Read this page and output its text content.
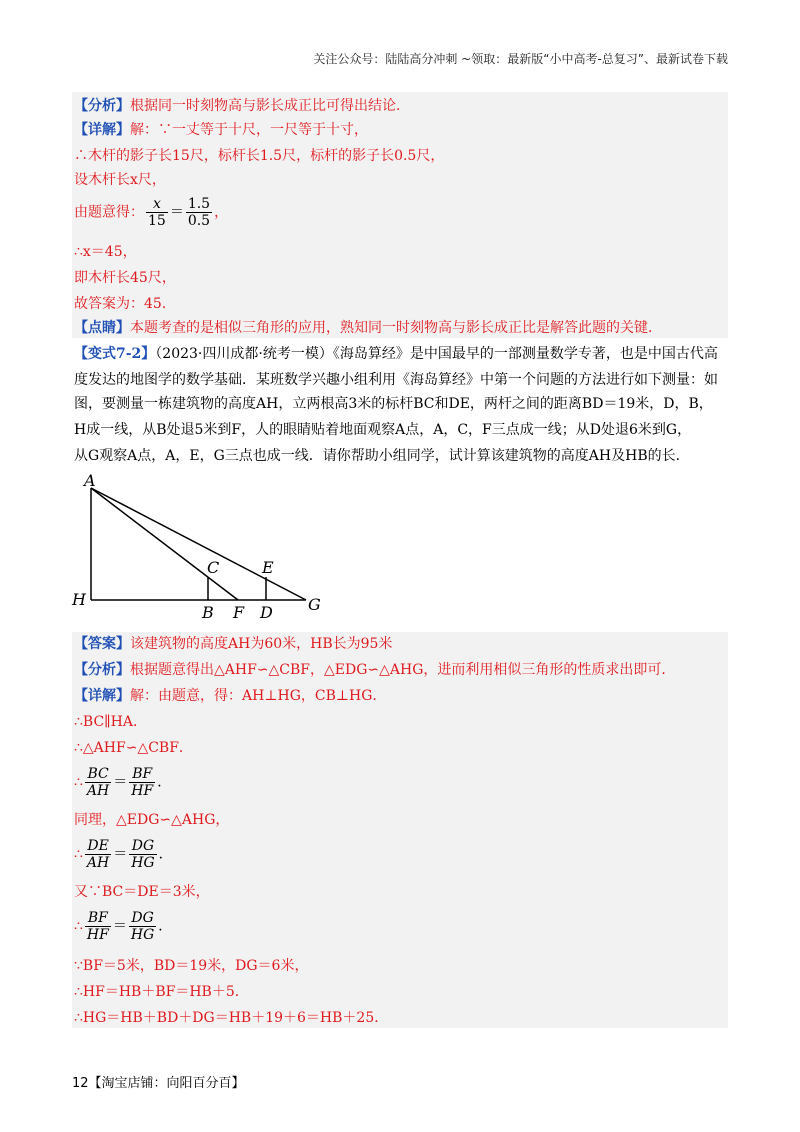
关注公众号：陆陆高分冲刺 ~领取：最新版“小中高考-总复习”、最新试卷下载
【分析】根据同一时刻物高与影长成正比可得出结论．
【详解】解：∵一丈等于十尺，一尺等于十寸，
∴木杆的影子长15尺，标杆长1.5尺，标杆的影子长0.5尺，
设木杆长x尺，
由题意得： $\frac{x}{15} = \frac{1.5}{0.5}$ ，
∴x＝45，
即木杆长45尺，
故答案为：45．
【点睛】本题考查的是相似三角形的应用，熟知同一时刻物高与影长成正比是解答此题的关键．
【变式7-2】（2023·四川成都·统考一模）《海岛算经》是中国最早的一部测量数学专著，也是中国古代高
度发达的地图学的数学基础．某班数学兴趣小组利用《海岛算经》中第一个问题的方法进行如下测量：如
图，要测量一栋建筑物的高度AH，立两根高3米的标杆BC和DE，两杆之间的距离BD＝19米，D，B，
H成一线，从B处退5米到F，人的眼睛贴着地面观察A点，A，C，F三点成一线；从D处退6米到G，
从G观察A点，A，E，G三点也成一线．请你帮助小组同学，试计算该建筑物的高度AH及HB的长．
A
C	E
H
B F D G
【答案】该建筑物的高度AH为60米，HB长为95米
【分析】根据题意得出△AHF∽△CBF，△EDG∽△AHG，进而利用相似三角形的性质求出即可．
【详解】解：由题意，得：AH⊥HG，CB⊥HG．
∴BC∥HA．
∴△AHF∽△CBF．
∴ $\frac{BC}{AH} = \frac{BF}{HF}$ ．
同理，△EDG∽△AHG，
∴ $\frac{DE}{AH} = \frac{DG}{HG}$ ．
又∵BC＝DE＝3米，
∴ $\frac{BF}{HF} = \frac{DG}{HG}$ ．
∵BF＝5米，BD＝19米，DG＝6米，
∴HF＝HB＋BF＝HB＋5．
∴HG＝HB＋BD＋DG＝HB＋19＋6＝HB＋25．
12【淘宝店铺：向阳百分百】
